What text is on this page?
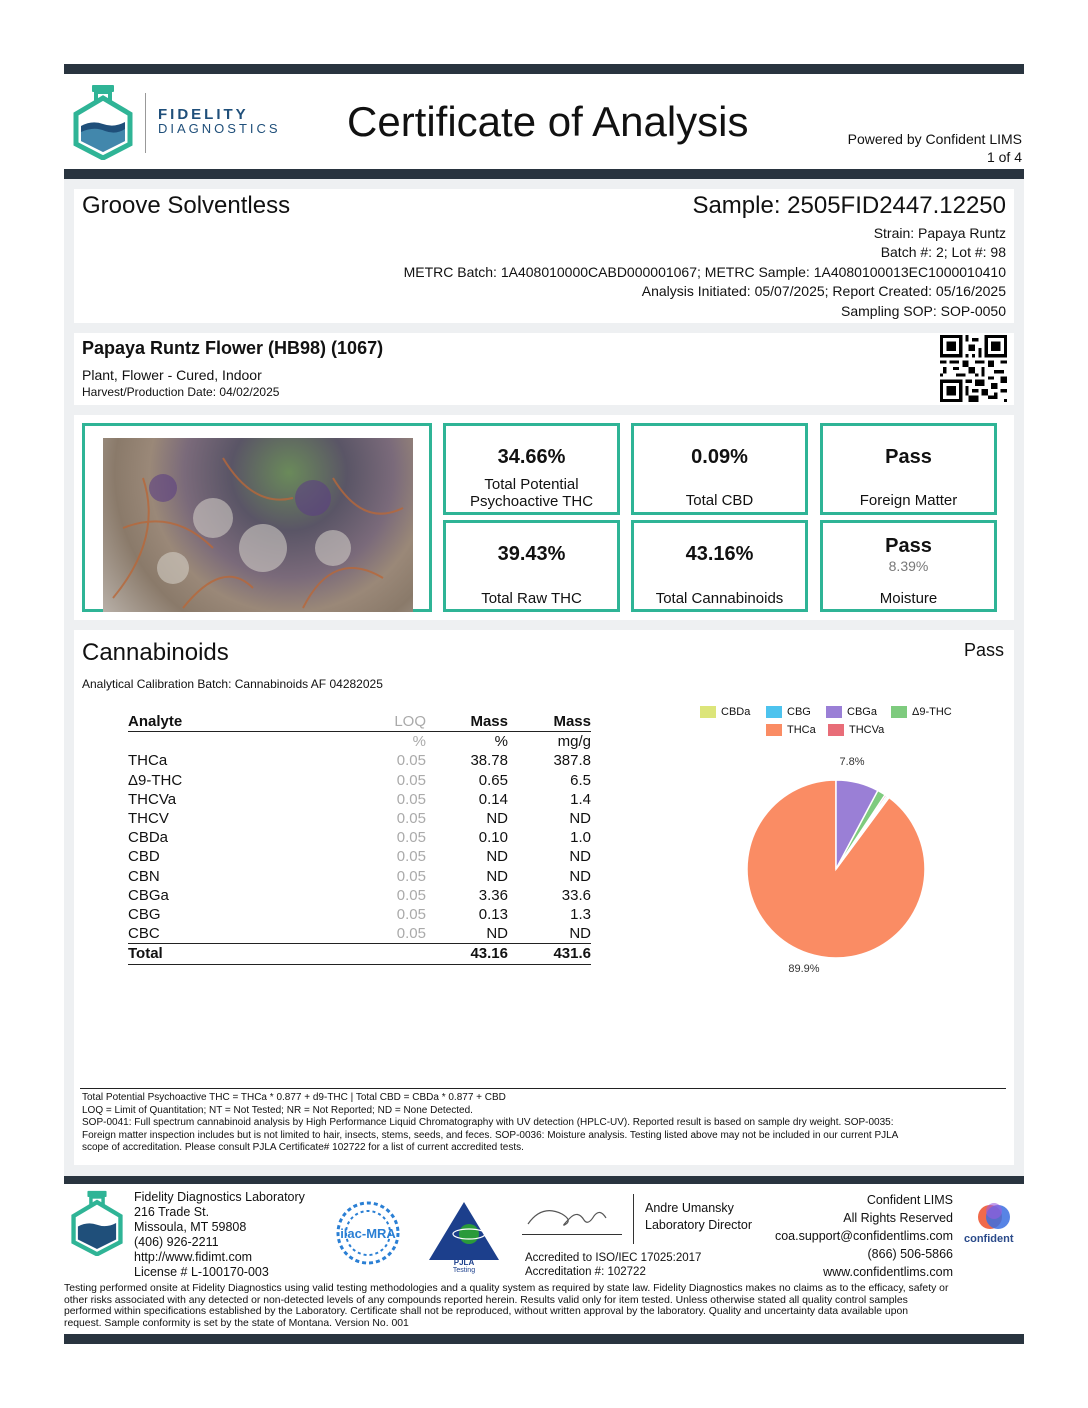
FIDELITY
DIAGNOSTICS Certificate of Analysis	Powered by Confident LIMS
1 of 4
Groove Solventless	Sample: 2505FID2447.12250
Strain: Papaya Runtz
Batch #: 2; Lot #: 98
METRC Batch: 1A408010000CABD000001067; METRC Sample: 1A4080100013EC1000010410
Analysis Initiated: 05/07/2025; Report Created: 05/16/2025
Sampling SOP: SOP-0050
Papaya Runtz Flower (HB98) (1067)
Plant, Flower - Cured, Indoor
Harvest/Production Date: 04/02/2025
34.66%
Total Potential
Psychoactive THC
0.09%
Total CBD
Pass
Foreign Matter
39.43%
Total Raw THC
43.16%
Total Cannabinoids
Pass
8.39%
Moisture
Cannabinoids	Pass
Analytical Calibration Batch: Cannabinoids AF 04282025
Total Potential Psychoactive THC = THCa * 0.877 + d9-THC | Total CBD = CBDa * 0.877 + CBD
LOQ = Limit of Quantitation; NT = Not Tested; NR = Not Reported; ND = None Detected.
SOP-0041: Full spectrum cannabinoid analysis by High Performance Liquid Chromatography with UV detection (HPLC-UV). Reported result is based on sample dry weight. SOP-0035:
Foreign matter inspection includes but is not limited to hair, insects, stems, seeds, and feces. SOP-0036: Moisture analysis. Testing listed above may not be included in our current PJLA
scope of accreditation. Please consult PJLA Certificate# 102722 for a list of current accredited tests.
Analyte	LOQ	Mass	Mass
	%	%	mg/g
THCa	0.05	38.78	387.8
Δ9-THC	0.05	0.65	6.5
THCVa	0.05	0.14	1.4
THCV	0.05	ND	ND
CBDa	0.05	0.10	1.0
CBD	0.05	ND	ND
CBN	0.05	ND	ND
CBGa	0.05	3.36	33.6
CBG	0.05	0.13	1.3
CBC	0.05	ND	ND
Total		43.16	431.6
CBDa	CBG	CBGa	Δ9-THC
THCa	THCVa
7.8%
89.9%
Fidelity Diagnostics Laboratory
216 Trade St.
Missoula, MT 59808
(406) 926-2211
http://www.fidimt.com
License # L-100170-003
ilac-MRA
PJLA
Testing
Andre Umansky
Laboratory Director
Accredited to ISO/IEC 17025:2017
Accreditation #: 102722
Confident LIMS
All Rights Reserved
coa.support@confidentlims.com
(866) 506-5866
www.confidentlims.com
confident
Testing performed onsite at Fidelity Diagnostics using valid testing methodologies and a quality system as required by state law. Fidelity Diagnostics makes no claims as to the efficacy, safety or
other risks associated with any detected or non-detected levels of any compounds reported herein. Results valid only for item tested. Unless otherwise stated all quality control samples
performed within specifications established by the Laboratory. Certificate shall not be reproduced, without written approval by the laboratory. Quality and uncertainty data available upon
request. Sample conformity is set by the state of Montana. Version No. 001
